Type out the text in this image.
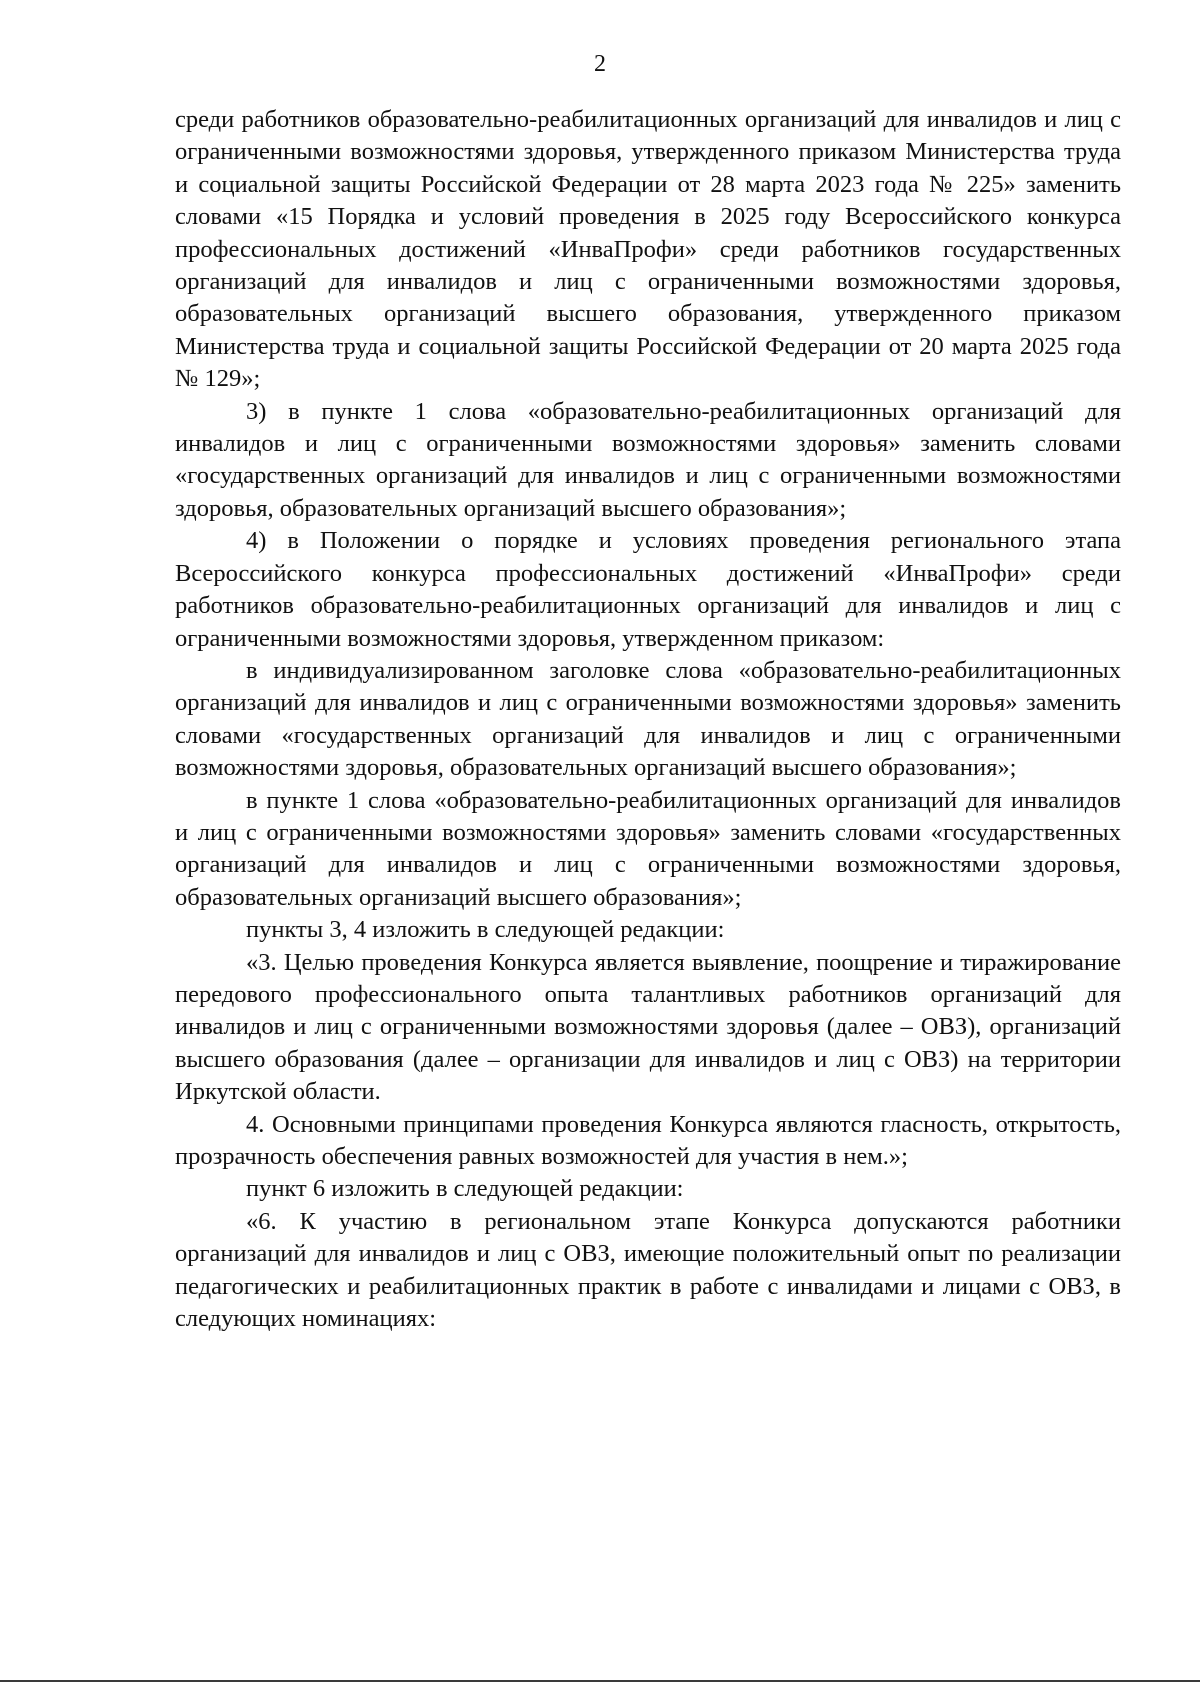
2

среди работников образовательно-реабилитационных организаций для инвалидов и лиц с ограниченными возможностями здоровья, утвержденного приказом Министерства труда и социальной защиты Российской Федерации от 28 марта 2023 года № 225» заменить словами «15 Порядка и условий проведения в 2025 году Всероссийского конкурса профессиональных достижений «ИнваПрофи» среди работников государственных организаций для инвалидов и лиц с ограниченными возможностями здоровья, образовательных организаций высшего образования, утвержденного приказом Министерства труда и социальной защиты Российской Федерации от 20 марта 2025 года № 129»;

3) в пункте 1 слова «образовательно-реабилитационных организаций для инвалидов и лиц с ограниченными возможностями здоровья» заменить словами «государственных организаций для инвалидов и лиц с ограниченными возможностями здоровья, образовательных организаций высшего образования»;

4) в Положении о порядке и условиях проведения регионального этапа Всероссийского конкурса профессиональных достижений «ИнваПрофи» среди работников образовательно-реабилитационных организаций для инвалидов и лиц с ограниченными возможностями здоровья, утвержденном приказом:

в индивидуализированном заголовке слова «образовательно-реабилитационных организаций для инвалидов и лиц с ограниченными возможностями здоровья» заменить словами «государственных организаций для инвалидов и лиц с ограниченными возможностями здоровья, образовательных организаций высшего образования»;

в пункте 1 слова «образовательно-реабилитационных организаций для инвалидов и лиц с ограниченными возможностями здоровья» заменить словами «государственных организаций для инвалидов и лиц с ограниченными возможностями здоровья, образовательных организаций высшего образования»;

пункты 3, 4 изложить в следующей редакции:

«3. Целью проведения Конкурса является выявление, поощрение и тиражирование передового профессионального опыта талантливых работников организаций для инвалидов и лиц с ограниченными возможностями здоровья (далее – ОВЗ), организаций высшего образования (далее – организации для инвалидов и лиц с ОВЗ) на территории Иркутской области.

4. Основными принципами проведения Конкурса являются гласность, открытость, прозрачность обеспечения равных возможностей для участия в нем.»;

пункт 6 изложить в следующей редакции:

«6. К участию в региональном этапе Конкурса допускаются работники организаций для инвалидов и лиц с ОВЗ, имеющие положительный опыт по реализации педагогических и реабилитационных практик в работе с инвалидами и лицами с ОВЗ, в следующих номинациях:
